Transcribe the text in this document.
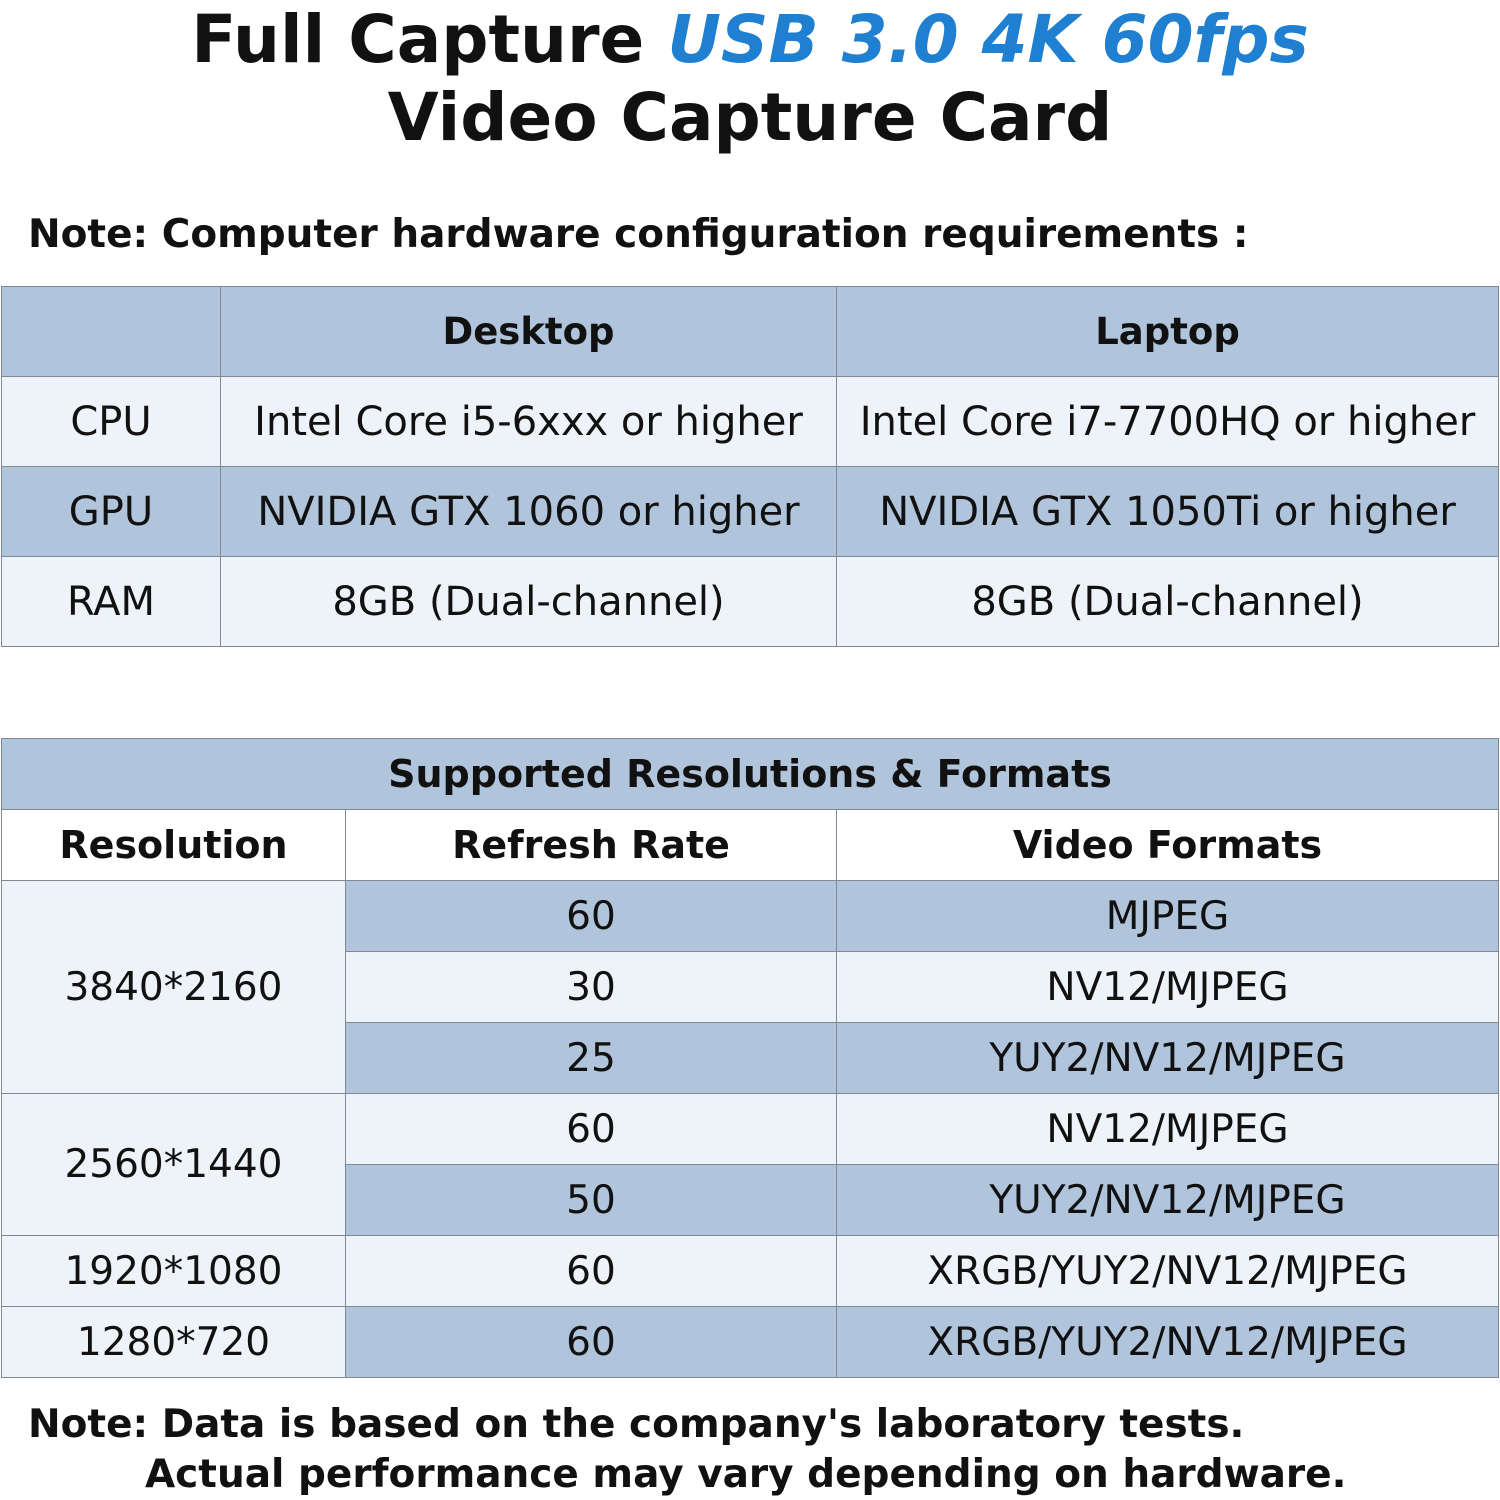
Full Capture USB 3.0 4K 60fps
Video Capture Card
Note: Computer hardware configuration requirements :
	Desktop	Laptop
CPU	Intel Core i5-6xxx or higher	Intel Core i7-7700HQ or higher
GPU	NVIDIA GTX 1060 or higher	NVIDIA GTX 1050Ti or higher
RAM	8GB (Dual-channel)	8GB (Dual-channel)
Supported Resolutions & Formats		
Resolution	Refresh Rate	Video Formats
3840*2160	60	MJPEG
	30	NV12/MJPEG
	25	YUY2/NV12/MJPEG
2560*1440	60	NV12/MJPEG
	50	YUY2/NV12/MJPEG
1920*1080	60	XRGB/YUY2/NV12/MJPEG
1280*720	60	XRGB/YUY2/NV12/MJPEG
Note: Data is based on the company's laboratory tests.
Actual performance may vary depending on hardware.
